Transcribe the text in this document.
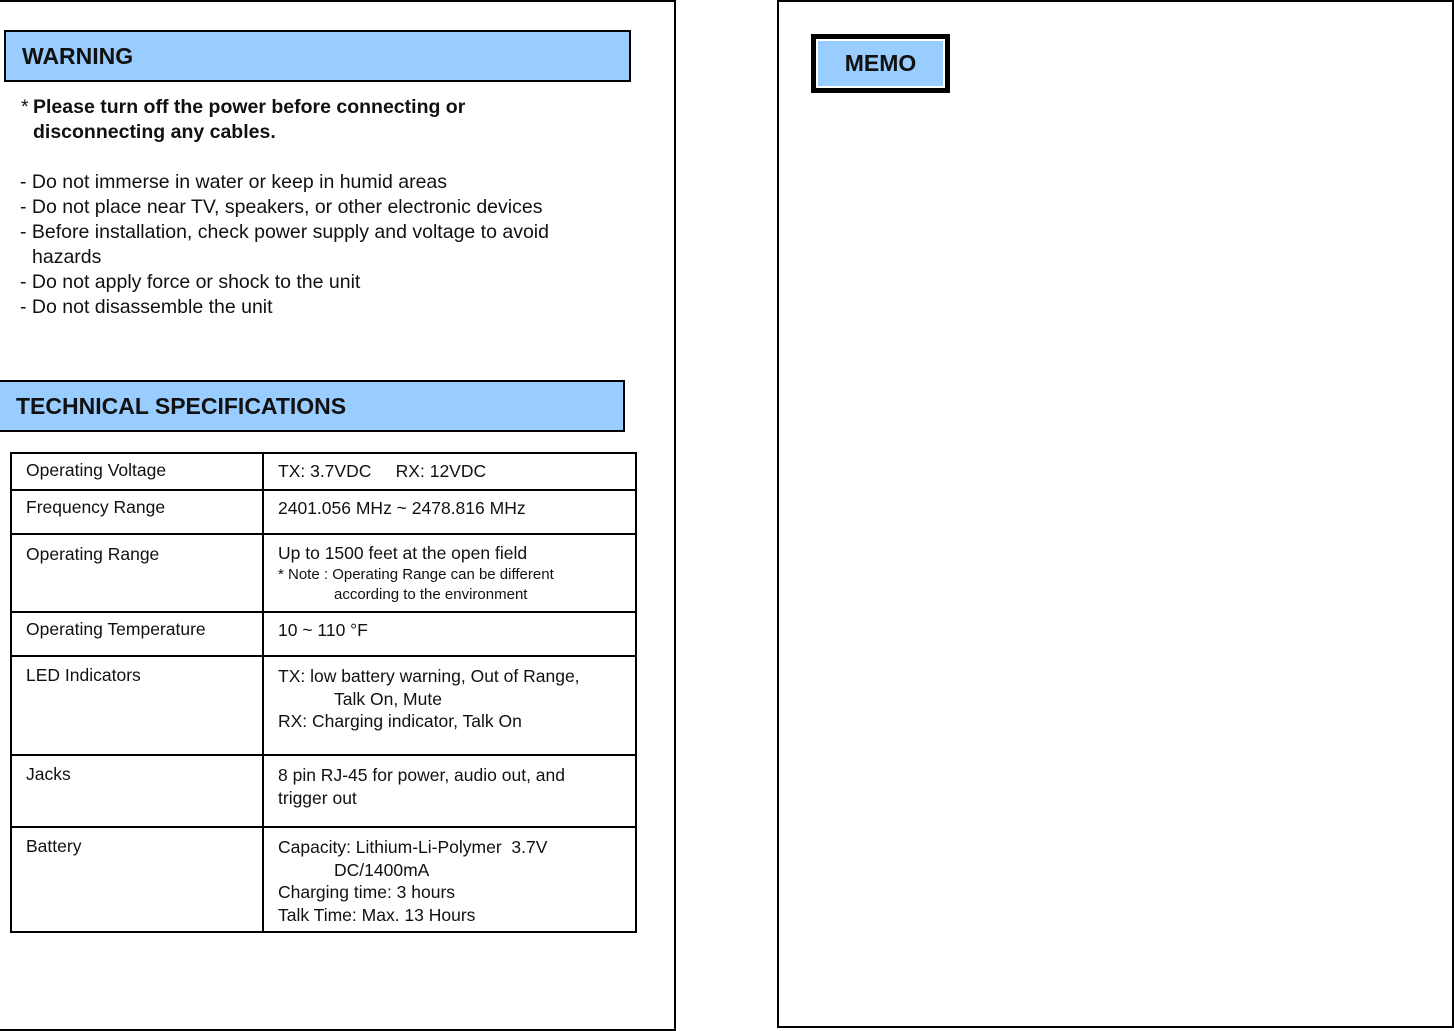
WARNING
* Please turn off the power before connecting or
disconnecting any cables.
- Do not immerse in water or keep in humid areas
- Do not place near TV, speakers, or other electronic devices
- Before installation, check power supply and voltage to avoid hazards
- Do not apply force or shock to the unit
- Do not disassemble the unit
TECHNICAL SPECIFICATIONS
Operating Voltage	TX: 3.7VDC     RX: 12VDC
Frequency Range	2401.056 MHz ~ 2478.816 MHz
Operating Range	Up to 1500 feet at the open field
* Note : Operating Range can be different
according to the environment

Operating Temperature	10 ~ 110 °F
LED Indicators	TX: low battery warning, Out of Range,
Talk On, Mute
RX: Charging indicator, Talk On

Jacks	8 pin RJ-45 for power, audio out, and
trigger out

Battery	Capacity: Lithium-Li-Polymer  3.7V
DC/1400mA
Charging time: 3 hours
Talk Time: Max. 13 Hours
MEMO
